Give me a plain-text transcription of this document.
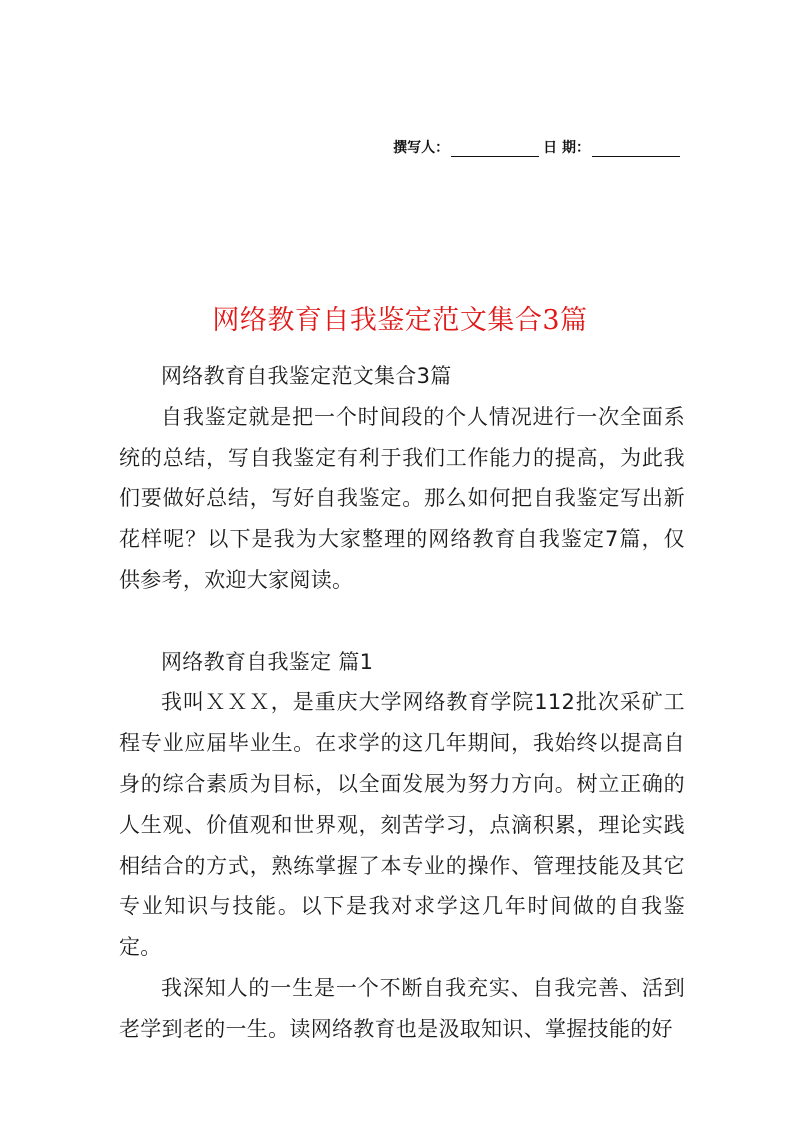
撰写人：	日 期：
网络教育自我鉴定范文集合3篇

网络教育自我鉴定范文集合3篇

自我鉴定就是把一个时间段的个人情况进行一次全面系统的总结，写自我鉴定有利于我们工作能力的提高，为此我们要做好总结，写好自我鉴定。那么如何把自我鉴定写出新花样呢？以下是我为大家整理的网络教育自我鉴定7篇，仅供参考，欢迎大家阅读。

网络教育自我鉴定 篇1

我叫ＸＸＸ，是重庆大学网络教育学院112批次采矿工程专业应届毕业生。在求学的这几年期间，我始终以提高自身的综合素质为目标，以全面发展为努力方向。树立正确的人生观、价值观和世界观，刻苦学习，点滴积累，理论实践相结合的方式，熟练掌握了本专业的操作、管理技能及其它专业知识与技能。以下是我对求学这几年时间做的自我鉴定。

我深知人的一生是一个不断自我充实、自我完善、活到老学到老的一生。读网络教育也是汲取知识、掌握技能的好
